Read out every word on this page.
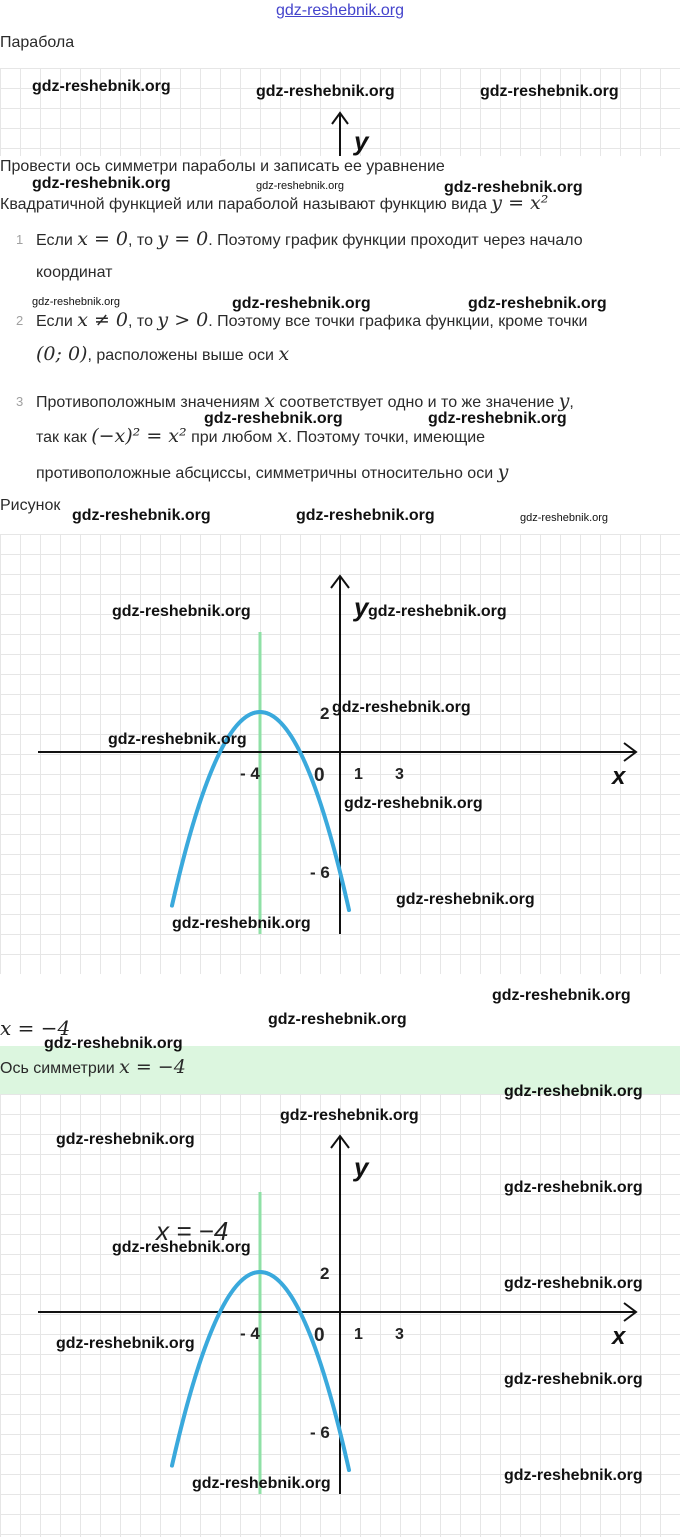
gdz-reshebnik.org
Парабола
y
Провести ось симметри параболы и записать ее уравнение
Квадратичной функцией или параболой называют функцию вида y = x²
1 Если x = 0, то y = 0. Поэтому график функции проходит через начало
координат
2 Если x ≠ 0, то y > 0. Поэтому все точки графика функции, кроме точки
(0; 0), расположены выше оси x
3 Противоположным значениям x соответствует одно и то же значение y,
так как (−x)² = x² при любом x. Поэтому точки, имеющие
противоположные абсциссы, симметричны относительно оси y
Рисунок
x
y
- 4	0 1 3
2
- 6
x = −4
Ось симметрии x = −4
x
y
- 4	0 1 3
2
- 6
x = −4
gdz-reshebnik.org	gdz-reshebnik.org	gdz-reshebnik.org
gdz-reshebnik.org	gdz-reshebnik.org	gdz-reshebnik.org
gdz-reshebnik.org	gdz-reshebnik.org	gdz-reshebnik.org
gdz-reshebnik.org	gdz-reshebnik.org
gdz-reshebnik.org	gdz-reshebnik.org	gdz-reshebnik.org
gdz-reshebnik.org	gdz-reshebnik.org
gdz-reshebnik.org
gdz-reshebnik.org
gdz-reshebnik.org
gdz-reshebnik.org
gdz-reshebnik.org
gdz-reshebnik.org
gdz-reshebnik.org
gdz-reshebnik.org
gdz-reshebnik.org
gdz-reshebnik.org
gdz-reshebnik.org
gdz-reshebnik.org
gdz-reshebnik.org
gdz-reshebnik.org
gdz-reshebnik.org
gdz-reshebnik.org
gdz-reshebnik.org	gdz-reshebnik.org
